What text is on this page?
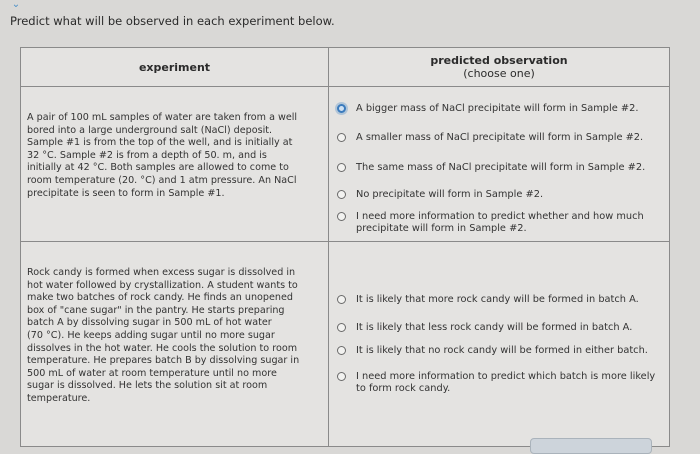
⌄
Predict what will be observed in each experiment below.
experiment	predicted observation
(choose one)
A pair of 100 mL samples of water are taken from a well
bored into a large underground salt (NaCl) deposit.
Sample #1 is from the top of the well, and is initially at
32 °C. Sample #2 is from a depth of 50. m, and is
initially at 42 °C. Both samples are allowed to come to
room temperature (20. °C) and 1 atm pressure. An NaCl
precipitate is seen to form in Sample #1.
A bigger mass of NaCl precipitate will form in Sample #2.
A smaller mass of NaCl precipitate will form in Sample #2.
The same mass of NaCl precipitate will form in Sample #2.
No precipitate will form in Sample #2.
I need more information to predict whether and how much precipitate will form in Sample #2.
Rock candy is formed when excess sugar is dissolved in
hot water followed by crystallization. A student wants to
make two batches of rock candy. He finds an unopened
box of "cane sugar" in the pantry. He starts preparing
batch A by dissolving sugar in 500 mL of hot water
(70 °C). He keeps adding sugar until no more sugar
dissolves in the hot water. He cools the solution to room
temperature. He prepares batch B by dissolving sugar in
500 mL of water at room temperature until no more
sugar is dissolved. He lets the solution sit at room
temperature.
It is likely that more rock candy will be formed in batch A.
It is likely that less rock candy will be formed in batch A.
It is likely that no rock candy will be formed in either batch.
I need more information to predict which batch is more likely to form rock candy.
